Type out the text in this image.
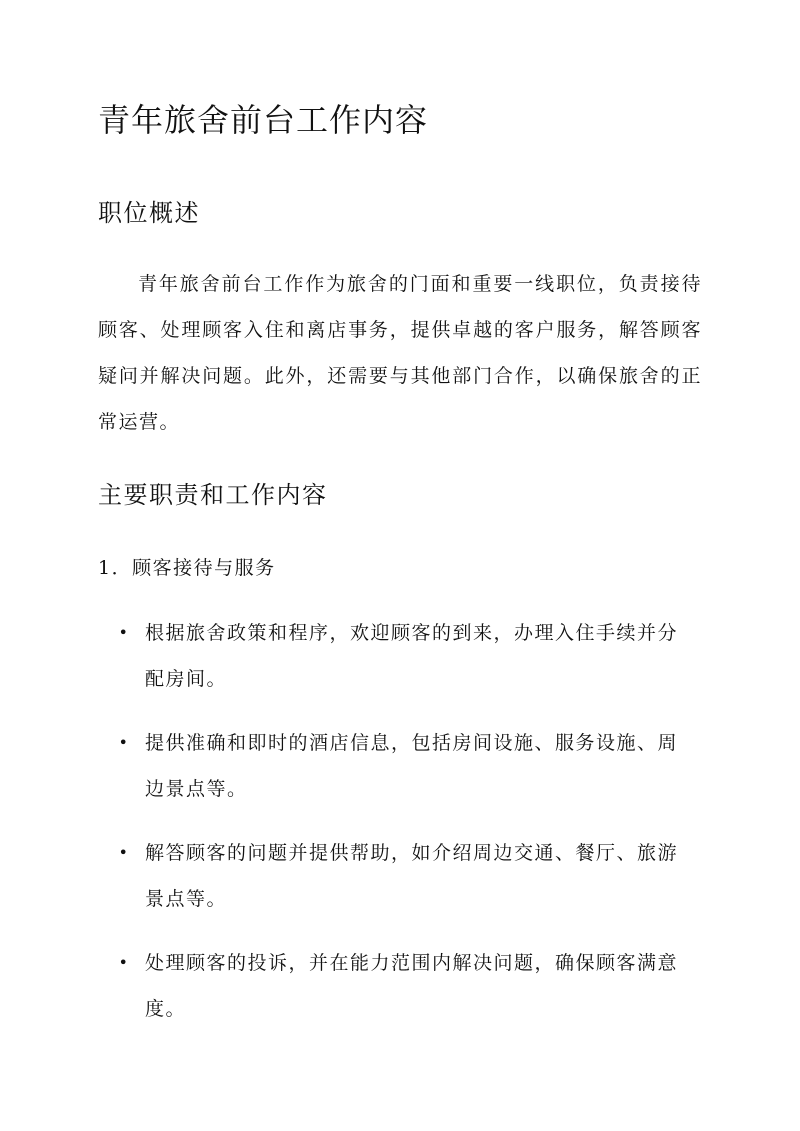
青年旅舍前台工作内容
职位概述

青年旅舍前台工作作为旅舍的门面和重要一线职位，负责接待顾客、处理顾客入住和离店事务，提供卓越的客户服务，解答顾客疑问并解决问题。此外，还需要与其他部门合作，以确保旅舍的正常运营。

主要职责和工作内容
1．顾客接待与服务
• 根据旅舍政策和程序，欢迎顾客的到来，办理入住手续并分配房间。
• 提供准确和即时的酒店信息，包括房间设施、服务设施、周边景点等。
• 解答顾客的问题并提供帮助，如介绍周边交通、餐厅、旅游景点等。
• 处理顾客的投诉，并在能力范围内解决问题，确保顾客满意度。
